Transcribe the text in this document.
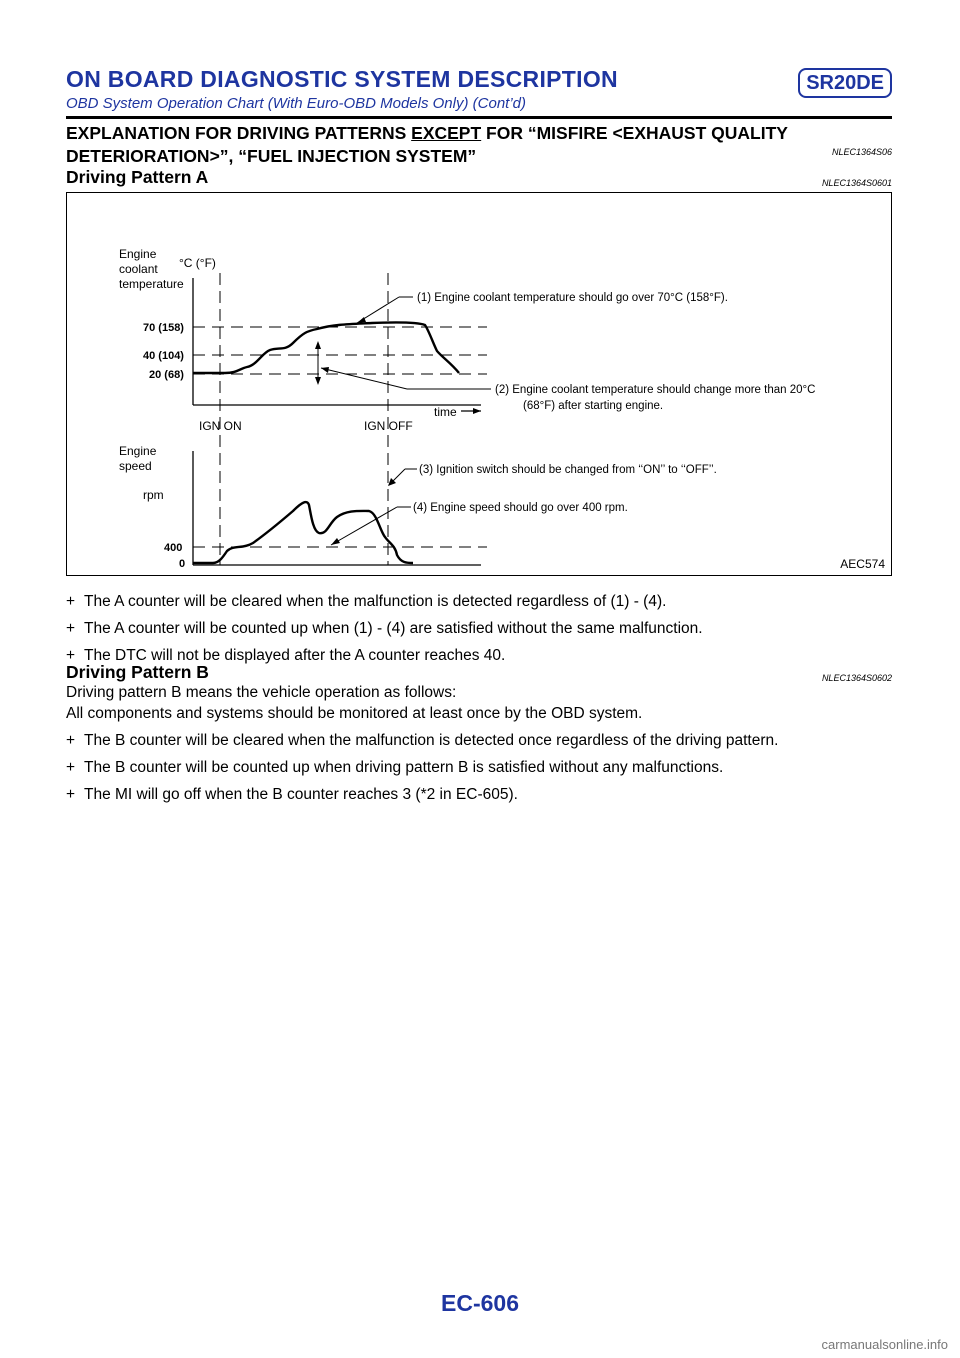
ON BOARD DIAGNOSTIC SYSTEM DESCRIPTION	SR20DE
OBD System Operation Chart (With Euro-OBD Models Only) (Cont’d)
EXPLANATION FOR DRIVING PATTERNS EXCEPT FOR “MISFIRE <EXHAUST QUALITY DETERIORATION>”, “FUEL INJECTION SYSTEM”	NLEC1364S06
Driving Pattern A	NLEC1364S0601
time
Engine
coolant
temperature
°C (°F)
70 (158)
40 (104)
20 (68)
(1) Engine coolant temperature should go over 70°C (158°F).
(2) Engine coolant temperature should change more than 20°C
(68°F) after starting engine.
IGN ON	IGN OFF
Engine
speed
rpm
400
0
(3) Ignition switch should be changed from ‘‘ON’’ to ‘‘OFF’’.
(4) Engine speed should go over 400 rpm.
AEC574
+ The A counter will be cleared when the malfunction is detected regardless of (1) - (4).
+ The A counter will be counted up when (1) - (4) are satisfied without the same malfunction.
+ The DTC will not be displayed after the A counter reaches 40.
Driving Pattern B	NLEC1364S0602
Driving pattern B means the vehicle operation as follows:
All components and systems should be monitored at least once by the OBD system.
+ The B counter will be cleared when the malfunction is detected once regardless of the driving pattern.
+ The B counter will be counted up when driving pattern B is satisfied without any malfunctions.
+ The MI will go off when the B counter reaches 3 (*2 in EC-605).
EC-606
carmanualsonline.info
